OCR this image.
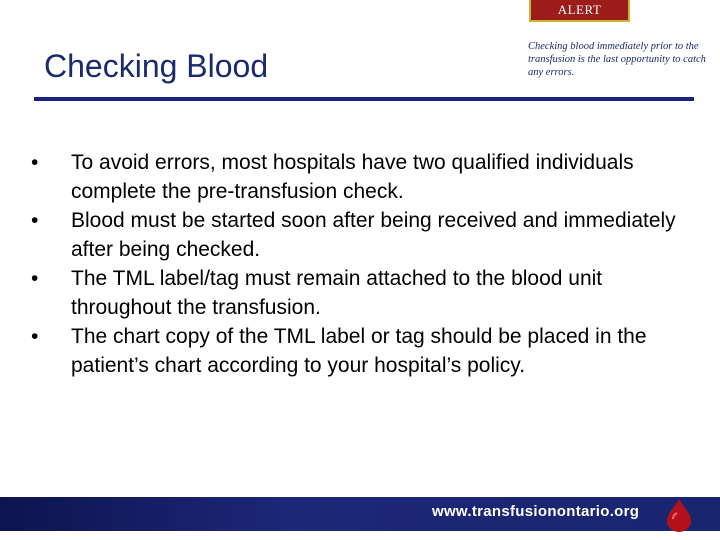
ALERT
Checking Blood

Checking blood immediately prior to the transfusion is the last opportunity to catch any errors.

•	To avoid errors, most hospitals have two qualified individuals complete the pre-transfusion check.
•	Blood must be started soon after being received and immediately after being checked.
•	The TML label/tag must remain attached to the blood unit throughout the transfusion.
•	The chart copy of the TML label or tag should be placed in the patient’s chart according to your hospital’s policy.
www.transfusionontario.org
